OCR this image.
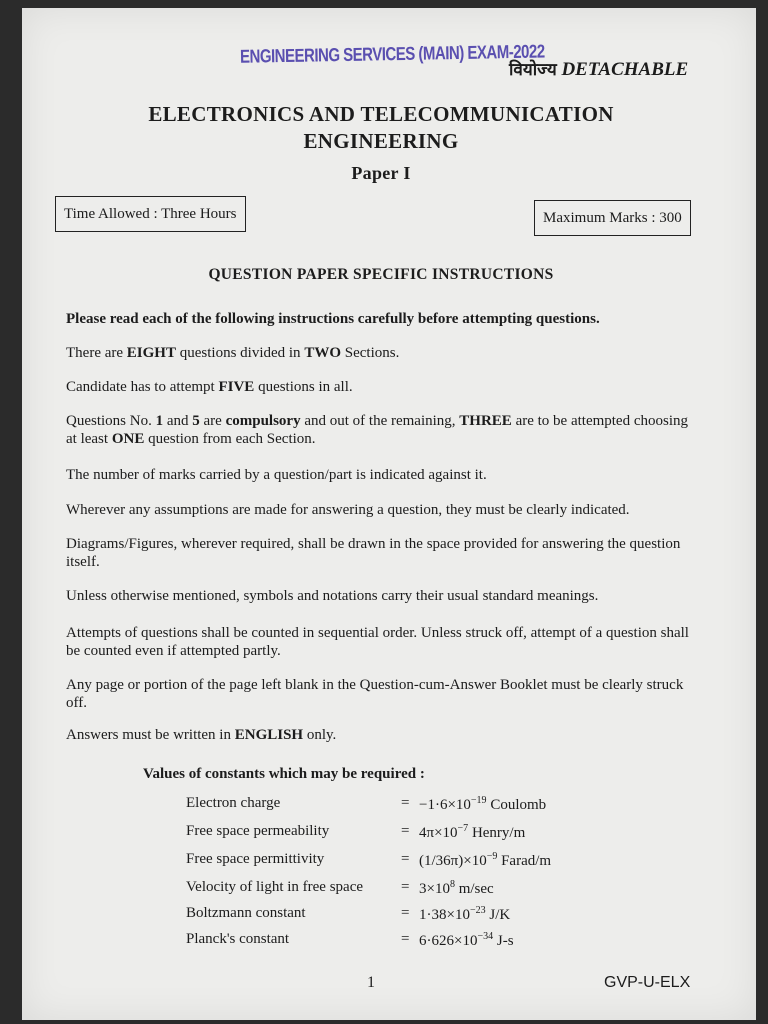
ENGINEERING SERVICES (MAIN) EXAM-2022
वियोज्य DETACHABLE
ELECTRONICS AND TELECOMMUNICATION
ENGINEERING
Paper I
Time Allowed : Three Hours	Maximum Marks : 300
QUESTION PAPER SPECIFIC INSTRUCTIONS
Please read each of the following instructions carefully before attempting questions.
There are EIGHT questions divided in TWO Sections.
Candidate has to attempt FIVE questions in all.
Questions No. 1 and 5 are compulsory and out of the remaining, THREE are to be attempted choosing at least ONE question from each Section.
The number of marks carried by a question/part is indicated against it.
Wherever any assumptions are made for answering a question, they must be clearly indicated.
Diagrams/Figures, wherever required, shall be drawn in the space provided for answering the question itself.
Unless otherwise mentioned, symbols and notations carry their usual standard meanings.
Attempts of questions shall be counted in sequential order. Unless struck off, attempt of a question shall be counted even if attempted partly.
Any page or portion of the page left blank in the Question-cum-Answer Booklet must be clearly struck off.
Answers must be written in ENGLISH only.
Values of constants which may be required :
Electron charge	= $-1\cdot 6\times 10^{-19}$ Coulomb
Free space permeability	= $4\pi\times 10^{-7}$ Henry/m
Free space permittivity	= $(1/36\pi)\times 10^{-9}$ Farad/m
Velocity of light in free space	= $3\times 10^8$ m/sec
Boltzmann constant	= $1\cdot 38\times 10^{-23}$ J/K
Planck's constant	= $6\cdot 626\times 10^{-34}$ J-s
1	GVP-U-ELX
